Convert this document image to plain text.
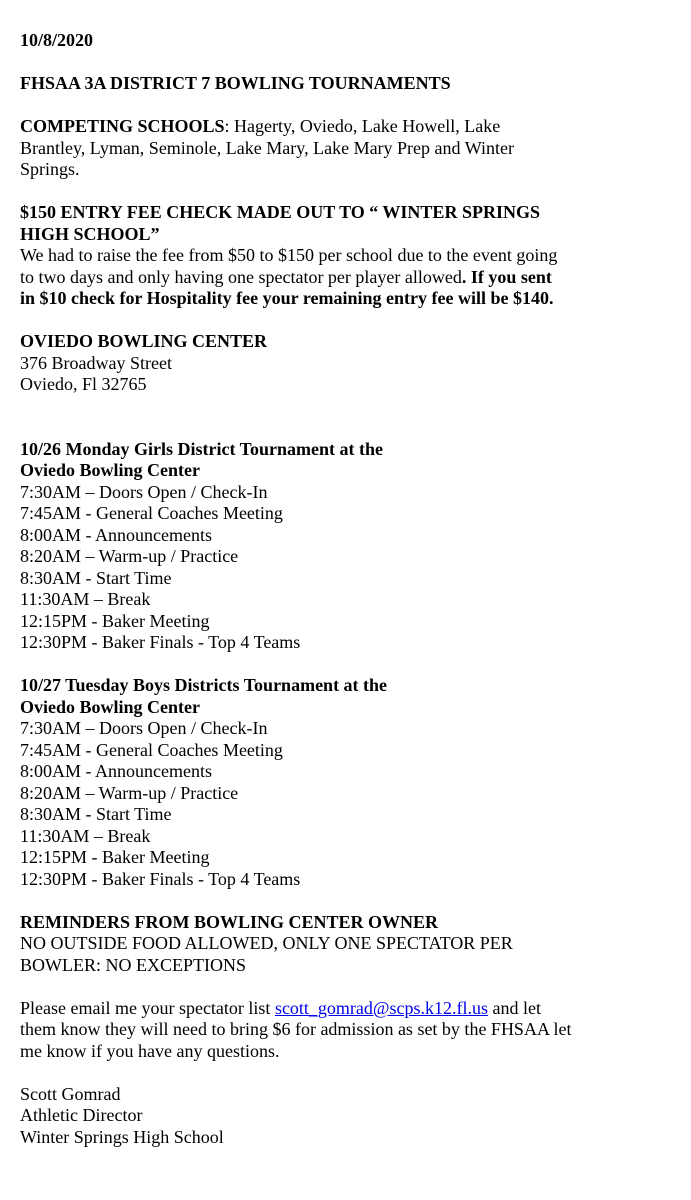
10/8/2020
FHSAA 3A DISTRICT 7 BOWLING TOURNAMENTS
COMPETING SCHOOLS: Hagerty, Oviedo, Lake Howell, Lake
Brantley, Lyman, Seminole, Lake Mary, Lake Mary Prep and Winter
Springs.
$150 ENTRY FEE CHECK MADE OUT TO “ WINTER SPRINGS
HIGH SCHOOL”
We had to raise the fee from $50 to $150 per school due to the event going
to two days and only having one spectator per player allowed. If you sent
in $10 check for Hospitality fee your remaining entry fee will be $140.
OVIEDO BOWLING CENTER
376 Broadway Street
Oviedo, Fl 32765
10/26 Monday Girls District Tournament at the
Oviedo Bowling Center
7:30AM – Doors Open / Check-In
7:45AM - General Coaches Meeting
8:00AM - Announcements
8:20AM – Warm-up / Practice
8:30AM - Start Time
11:30AM – Break
12:15PM - Baker Meeting
12:30PM - Baker Finals - Top 4 Teams
10/27 Tuesday Boys Districts Tournament at the
Oviedo Bowling Center
7:30AM – Doors Open / Check-In
7:45AM - General Coaches Meeting
8:00AM - Announcements
8:20AM – Warm-up / Practice
8:30AM - Start Time
11:30AM – Break
12:15PM - Baker Meeting
12:30PM - Baker Finals - Top 4 Teams
REMINDERS FROM BOWLING CENTER OWNER
NO OUTSIDE FOOD ALLOWED, ONLY ONE SPECTATOR PER
BOWLER: NO EXCEPTIONS
Please email me your spectator list scott_gomrad@scps.k12.fl.us and let
them know they will need to bring $6 for admission as set by the FHSAA let
me know if you have any questions.
Scott Gomrad
Athletic Director
Winter Springs High School
